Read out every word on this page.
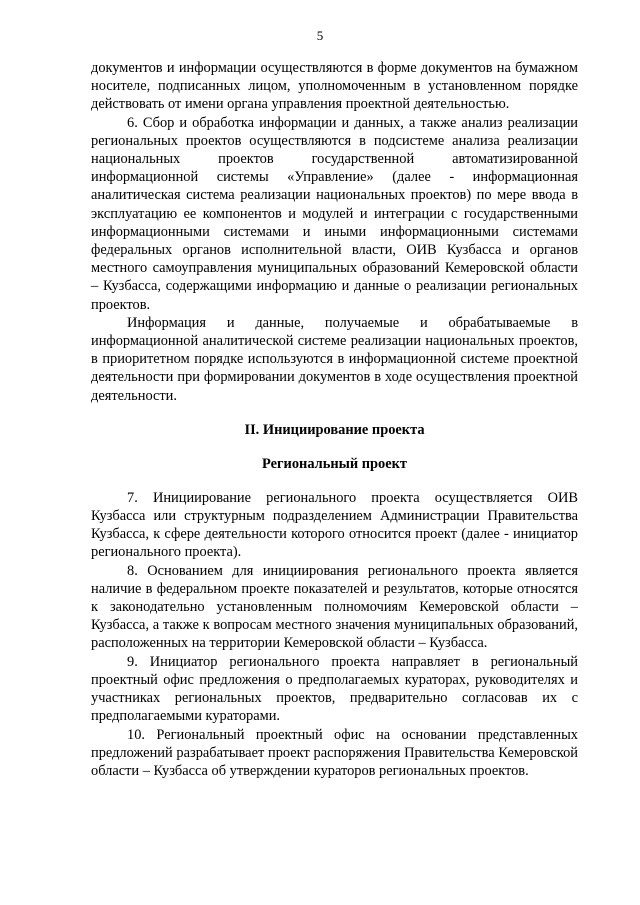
5

документов и информации осуществляются в форме документов на бумажном носителе, подписанных лицом, уполномоченным в установленном порядке действовать от имени органа управления проектной деятельностью.

6. Сбор и обработка информации и данных, а также анализ реализации региональных проектов осуществляются в подсистеме анализа реализации национальных проектов государственной автоматизированной информационной системы «Управление» (далее - информационная аналитическая система реализации национальных проектов) по мере ввода в эксплуатацию ее компонентов и модулей и интеграции с государственными информационными системами и иными информационными системами федеральных органов исполнительной власти, ОИВ Кузбасса и органов местного самоуправления муниципальных образований Кемеровской области – Кузбасса, содержащими информацию и данные о реализации региональных проектов.

Информация и данные, получаемые и обрабатываемые в информационной аналитической системе реализации национальных проектов, в приоритетном порядке используются в информационной системе проектной деятельности при формировании документов в ходе осуществления проектной деятельности.

II. Инициирование проекта
Региональный проект

7. Инициирование регионального проекта осуществляется ОИВ Кузбасса или структурным подразделением Администрации Правительства Кузбасса, к сфере деятельности которого относится проект (далее - инициатор регионального проекта).

8. Основанием для инициирования регионального проекта является наличие в федеральном проекте показателей и результатов, которые относятся к законодательно установленным полномочиям Кемеровской области – Кузбасса, а также к вопросам местного значения муниципальных образований, расположенных на территории Кемеровской области – Кузбасса.

9. Инициатор регионального проекта направляет в региональный проектный офис предложения о предполагаемых кураторах, руководителях и участниках региональных проектов, предварительно согласовав их с предполагаемыми кураторами.

10. Региональный проектный офис на основании представленных предложений разрабатывает проект распоряжения Правительства Кемеровской области – Кузбасса об утверждении кураторов региональных проектов.
